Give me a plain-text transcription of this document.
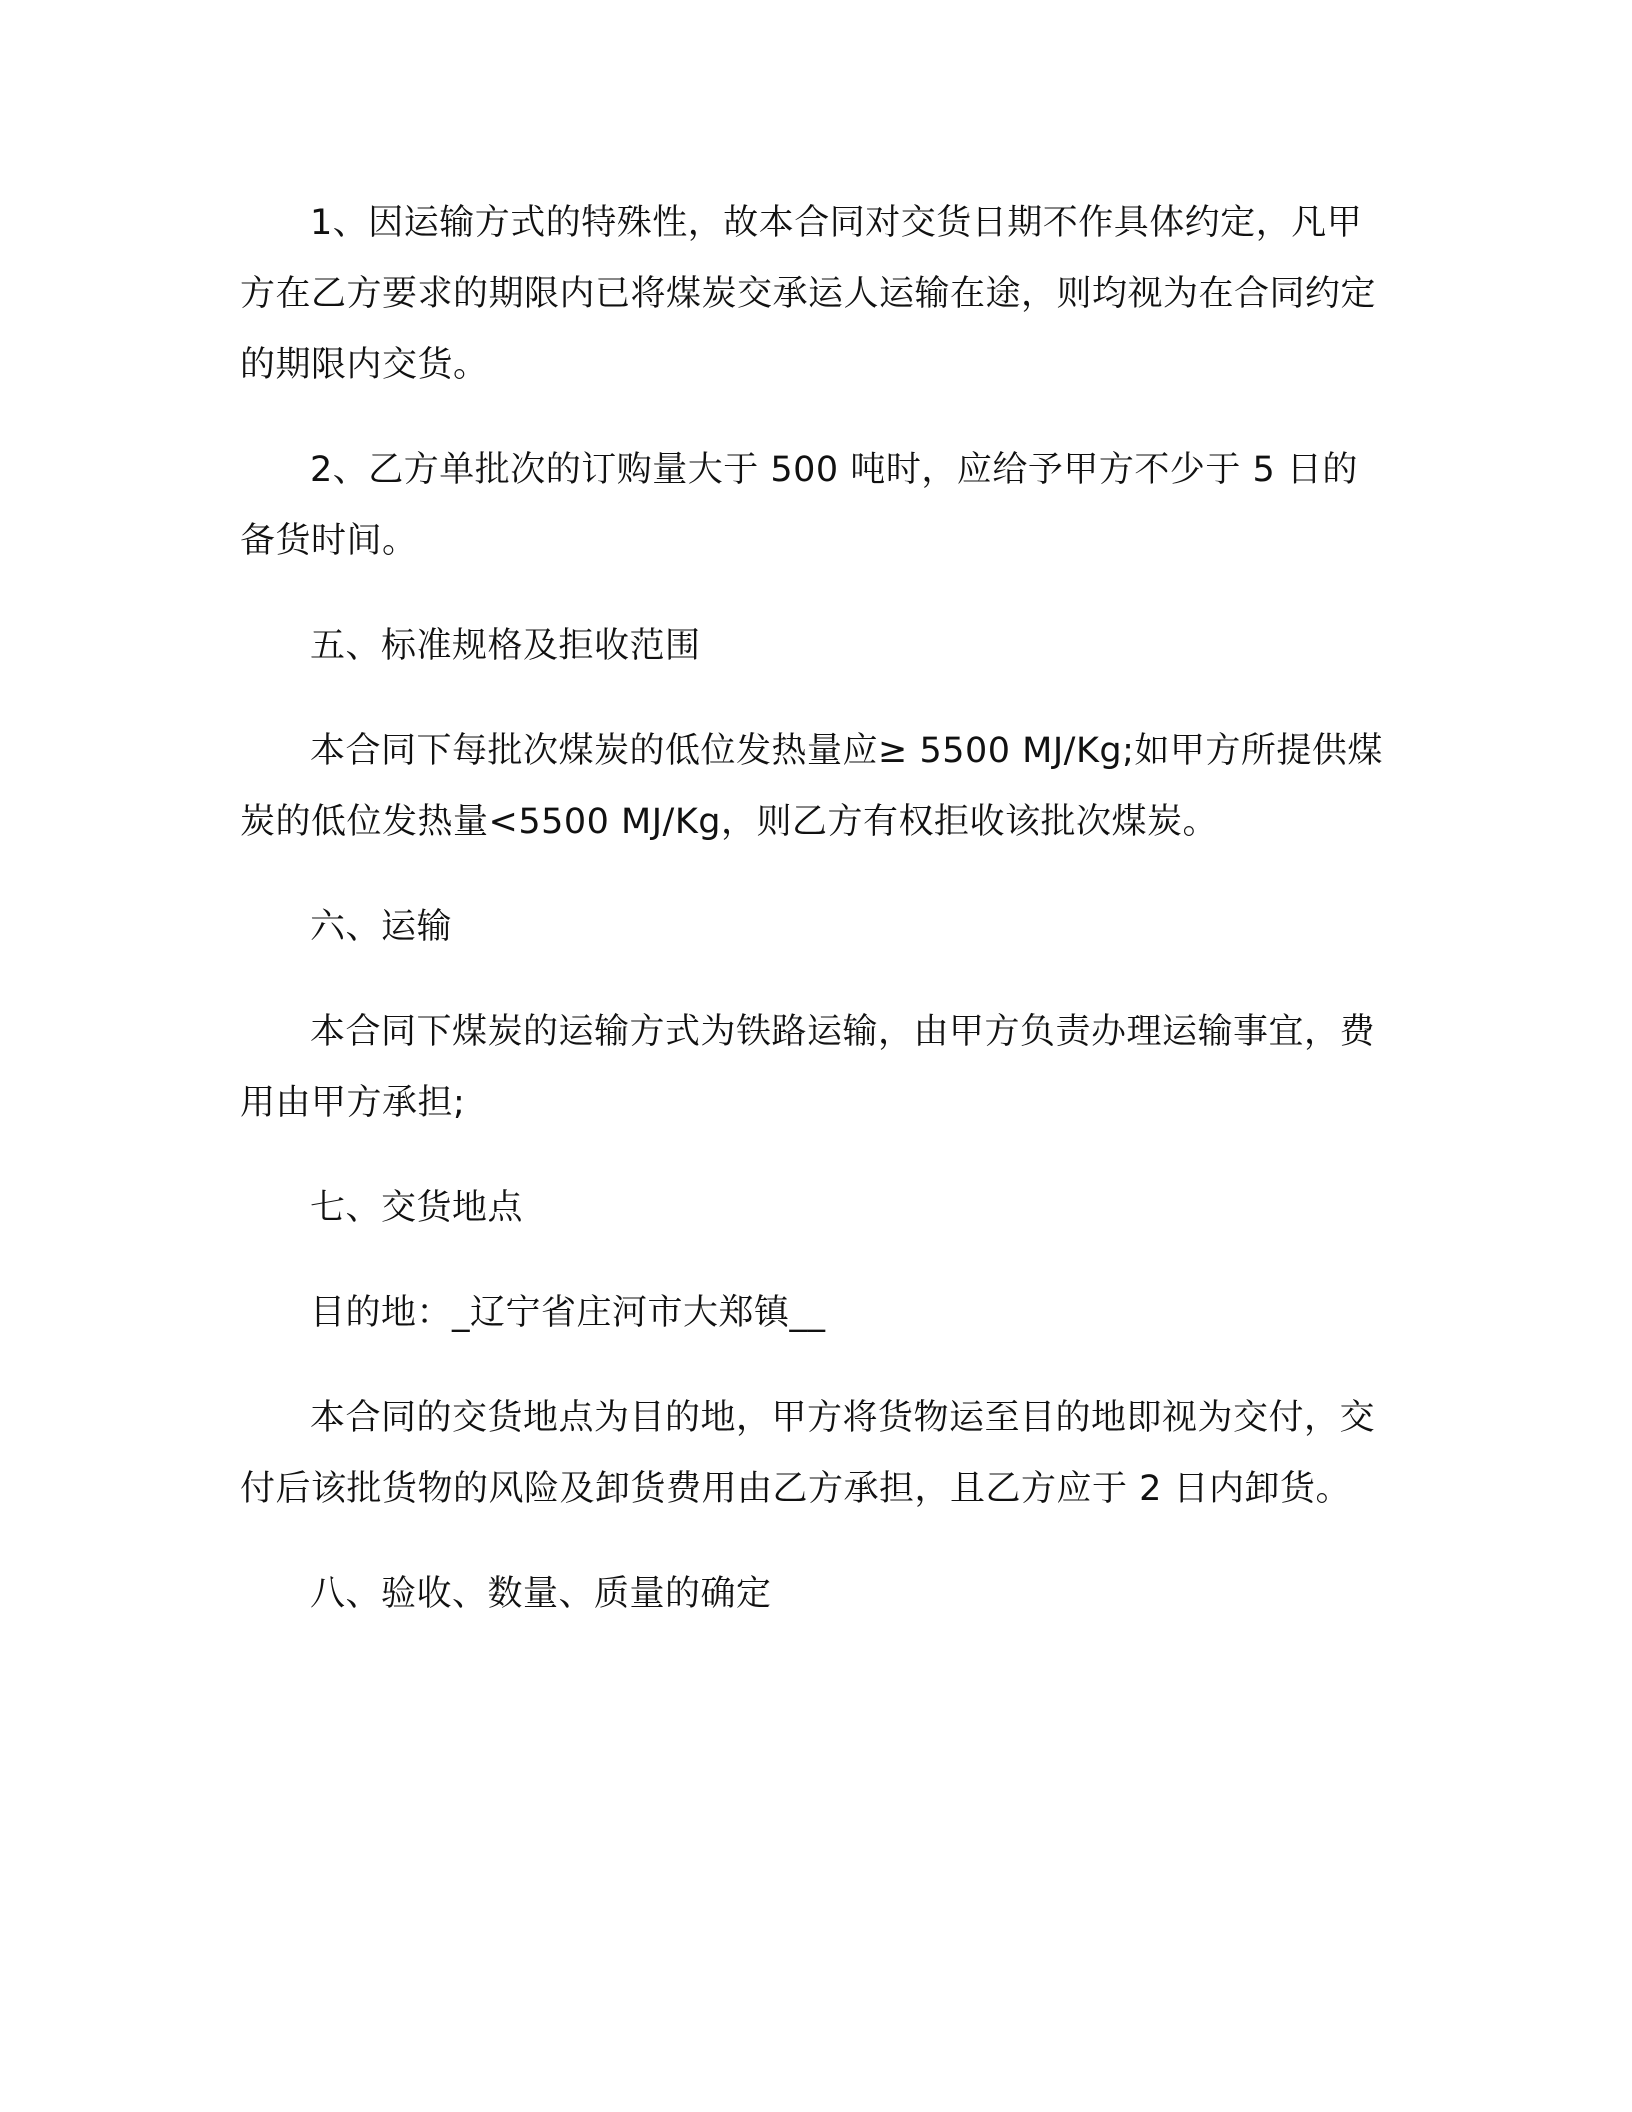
1、因运输方式的特殊性，故本合同对交货日期不作具体约定，凡甲方在乙方要求的期限内已将煤炭交承运人运输在途，则均视为在合同约定的期限内交货。

2、乙方单批次的订购量大于 500 吨时，应给予甲方不少于 5 日的备货时间。

五、标准规格及拒收范围

本合同下每批次煤炭的低位发热量应≥ 5500 MJ/Kg;如甲方所提供煤炭的低位发热量<5500 MJ/Kg，则乙方有权拒收该批次煤炭。

六、运输

本合同下煤炭的运输方式为铁路运输，由甲方负责办理运输事宜，费用由甲方承担;

七、交货地点

目的地：_辽宁省庄河市大郑镇__

本合同的交货地点为目的地，甲方将货物运至目的地即视为交付，交付后该批货物的风险及卸货费用由乙方承担，且乙方应于 2 日内卸货。

八、验收、数量、质量的确定
